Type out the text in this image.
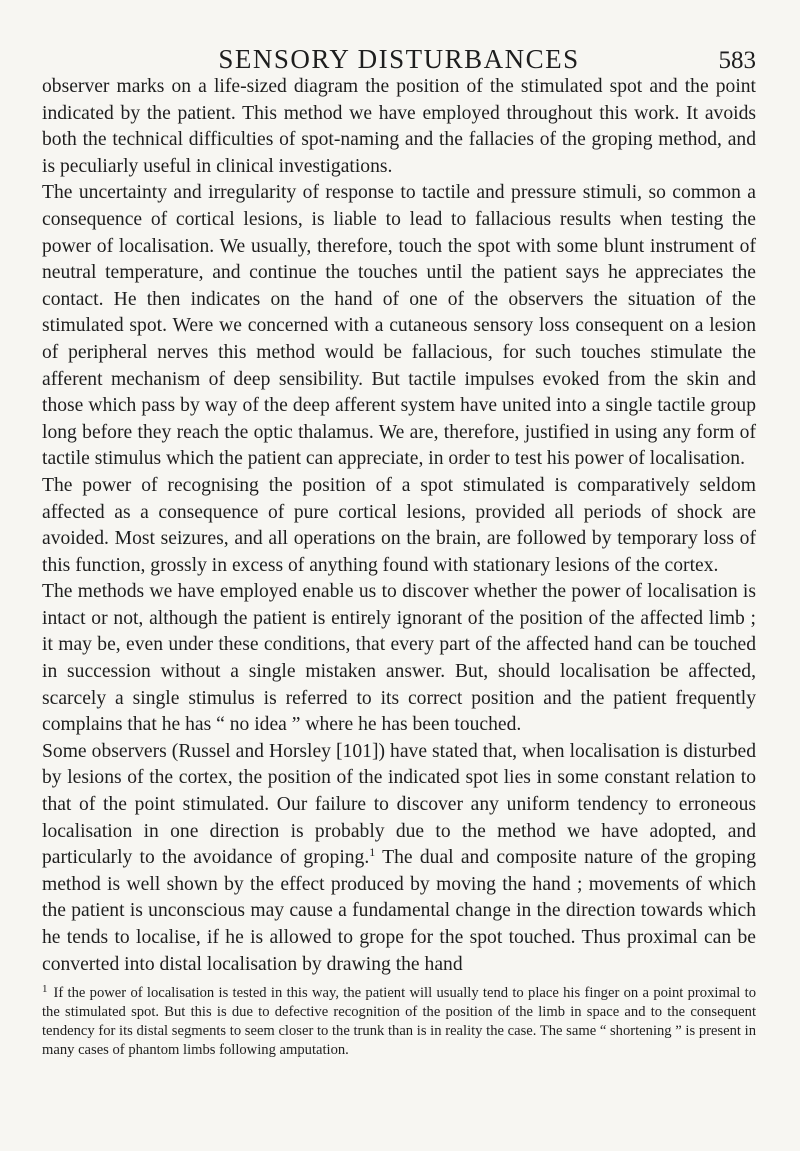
SENSORY DISTURBANCES	583

observer marks on a life-sized diagram the position of the stimulated spot and the point indicated by the patient. This method we have employed throughout this work. It avoids both the technical difficulties of spot-naming and the fallacies of the groping method, and is peculiarly useful in clinical investigations.

The uncertainty and irregularity of response to tactile and pressure stimuli, so common a consequence of cortical lesions, is liable to lead to fallacious results when testing the power of localisation. We usually, therefore, touch the spot with some blunt instrument of neutral temperature, and continue the touches until the patient says he appreciates the contact. He then indicates on the hand of one of the observers the situation of the stimulated spot. Were we concerned with a cutaneous sensory loss consequent on a lesion of peripheral nerves this method would be fallacious, for such touches stimulate the afferent mechanism of deep sensibility. But tactile impulses evoked from the skin and those which pass by way of the deep afferent system have united into a single tactile group long before they reach the optic thalamus. We are, therefore, justified in using any form of tactile stimulus which the patient can appreciate, in order to test his power of localisation.

The power of recognising the position of a spot stimulated is comparatively seldom affected as a consequence of pure cortical lesions, provided all periods of shock are avoided. Most seizures, and all operations on the brain, are followed by temporary loss of this function, grossly in excess of anything found with stationary lesions of the cortex.

The methods we have employed enable us to discover whether the power of localisation is intact or not, although the patient is entirely ignorant of the position of the affected limb ; it may be, even under these conditions, that every part of the affected hand can be touched in succession without a single mistaken answer. But, should localisation be affected, scarcely a single stimulus is referred to its correct position and the patient frequently complains that he has “ no idea ” where he has been touched.

Some observers (Russel and Horsley [101]) have stated that, when localisation is disturbed by lesions of the cortex, the position of the indicated spot lies in some constant relation to that of the point stimulated. Our failure to discover any uniform tendency to erroneous localisation in one direction is probably due to the method we have adopted, and particularly to the avoidance of groping.$^1$ The dual and composite nature of the groping method is well shown by the effect produced by moving the hand ; movements of which the patient is unconscious may cause a fundamental change in the direction towards which he tends to localise, if he is allowed to grope for the spot touched. Thus proximal can be converted into distal localisation by drawing the hand

$^1$ If the power of localisation is tested in this way, the patient will usually tend to place his finger on a point proximal to the stimulated spot. But this is due to defective recognition of the position of the limb in space and to the consequent tendency for its distal segments to seem closer to the trunk than is in reality the case. The same “ shortening ” is present in many cases of phantom limbs following amputation.
